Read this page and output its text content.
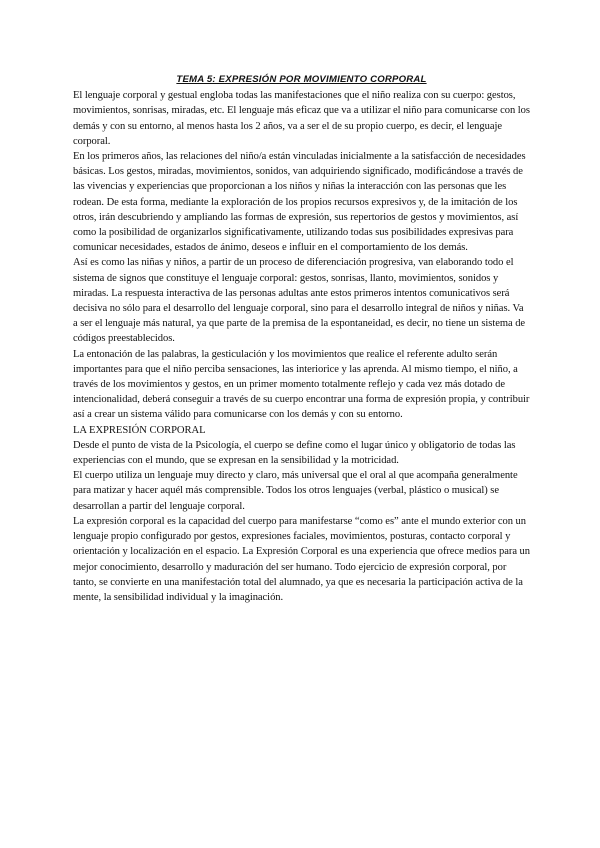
TEMA 5: EXPRESIÓN POR MOVIMIENTO CORPORAL

El lenguaje corporal y gestual engloba todas las manifestaciones que el niño realiza con su cuerpo: gestos, movimientos, sonrisas, miradas, etc. El lenguaje más eficaz que va a utilizar el niño para comunicarse con los demás y con su entorno, al menos hasta los 2 años, va a ser el de su propio cuerpo, es decir, el lenguaje corporal.

En los primeros años, las relaciones del niño/a están vinculadas inicialmente a la satisfacción de necesidades básicas. Los gestos, miradas, movimientos, sonidos, van adquiriendo significado, modificándose a través de las vivencias y experiencias que proporcionan a los niños y niñas la interacción con las personas que les rodean. De esta forma, mediante la exploración de los propios recursos expresivos y, de la imitación de los otros, irán descubriendo y ampliando las formas de expresión, sus repertorios de gestos y movimientos, así como la posibilidad de organizarlos significativamente, utilizando todas sus posibilidades expresivas para comunicar necesidades, estados de ánimo, deseos e influir en el comportamiento de los demás.

Así es como las niñas y niños, a partir de un proceso de diferenciación progresiva, van elaborando todo el sistema de signos que constituye el lenguaje corporal: gestos, sonrisas, llanto, movimientos, sonidos y miradas. La respuesta interactiva de las personas adultas ante estos primeros intentos comunicativos será decisiva no sólo para el desarrollo del lenguaje corporal, sino para el desarrollo integral de niños y niñas. Va a ser el lenguaje más natural, ya que parte de la premisa de la espontaneidad, es decir, no tiene un sistema de códigos preestablecidos.

La entonación de las palabras, la gesticulación y los movimientos que realice el referente adulto serán importantes para que el niño perciba sensaciones, las interiorice y las aprenda. Al mismo tiempo, el niño, a través de los movimientos y gestos, en un primer momento totalmente reflejo y cada vez más dotado de intencionalidad, deberá conseguir a través de su cuerpo encontrar una forma de expresión propia, y contribuir así a crear un sistema válido para comunicarse con los demás y con su entorno.

LA EXPRESIÓN CORPORAL

Desde el punto de vista de la Psicología, el cuerpo se define como el lugar único y obligatorio de todas las experiencias con el mundo, que se expresan en la sensibilidad y la motricidad.

El cuerpo utiliza un lenguaje muy directo y claro, más universal que el oral al que acompaña generalmente para matizar y hacer aquél más comprensible. Todos los otros lenguajes (verbal, plástico o musical) se desarrollan a partir del lenguaje corporal.

La expresión corporal es la capacidad del cuerpo para manifestarse “como es” ante el mundo exterior con un lenguaje propio configurado por gestos, expresiones faciales, movimientos, posturas, contacto corporal y orientación y localización en el espacio. La Expresión Corporal es una experiencia que ofrece medios para un mejor conocimiento, desarrollo y maduración del ser humano. Todo ejercicio de expresión corporal, por tanto, se convierte en una manifestación total del alumnado, ya que es necesaria la participación activa de la mente, la sensibilidad individual y la imaginación.
